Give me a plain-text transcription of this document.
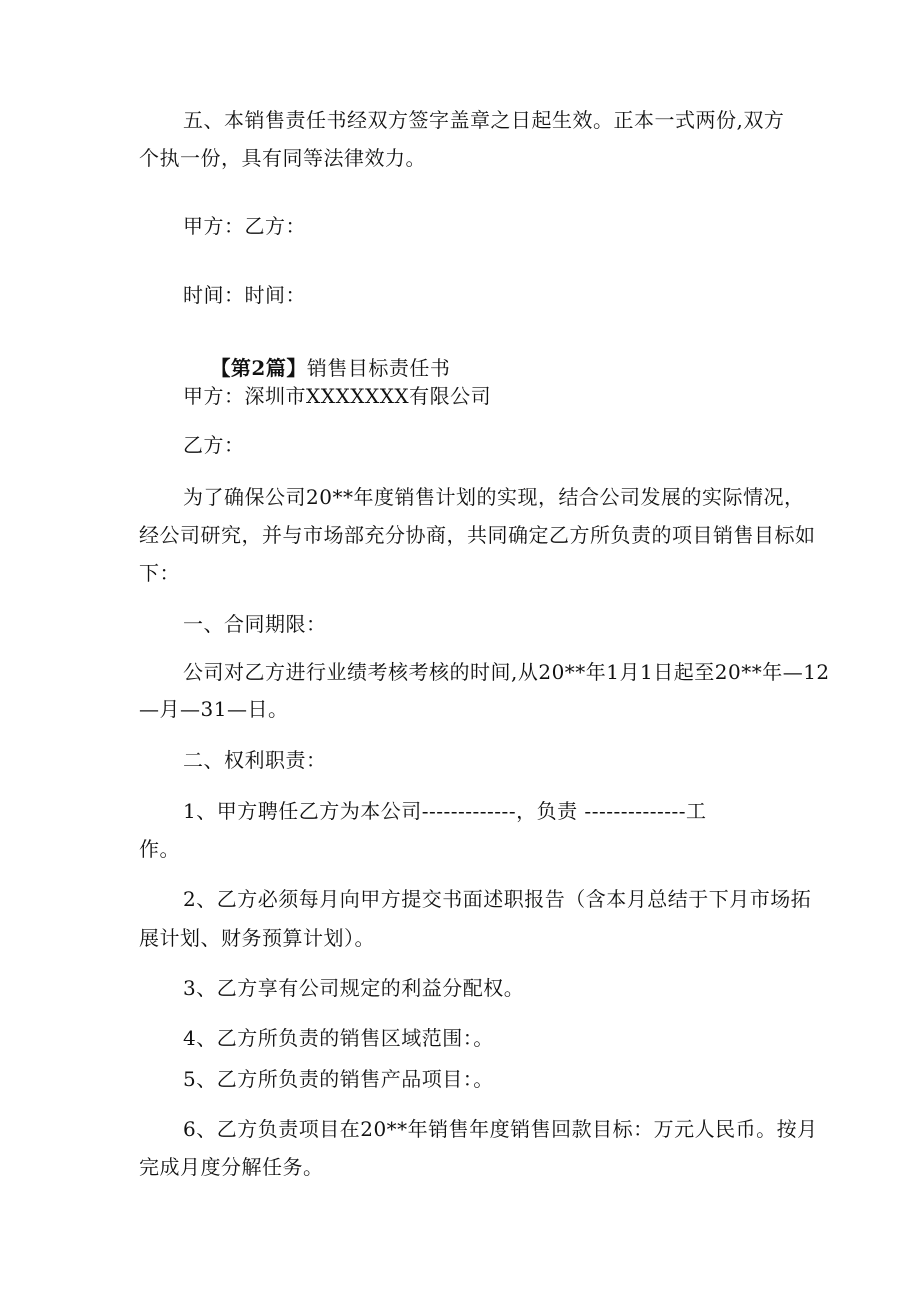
五、本销售责任书经双方签字盖章之日起生效。正本一式两份,双方
个执一份，具有同等法律效力。
甲方：乙方：
时间：时间：

【第2篇】销售目标责任书

甲方：深圳市XXXXXXX有限公司
乙方：
为了确保公司20**年度销售计划的实现，结合公司发展的实际情况，
经公司研究，并与市场部充分协商，共同确定乙方所负责的项目销售目标如
下：
一、合同期限：
公司对乙方进行业绩考核考核的时间,从20**年1月1日起至20**年—12
—月—31—日。
二、权利职责：
1、甲方聘任乙方为本公司-------------，负责 --------------工
作。
2、乙方必须每月向甲方提交书面述职报告（含本月总结于下月市场拓
展计划、财务预算计划）。
3、乙方享有公司规定的利益分配权。
4、乙方所负责的销售区域范围：。
5、乙方所负责的销售产品项目：。
6、乙方负责项目在20**年销售年度销售回款目标：万元人民币。按月
完成月度分解任务。
